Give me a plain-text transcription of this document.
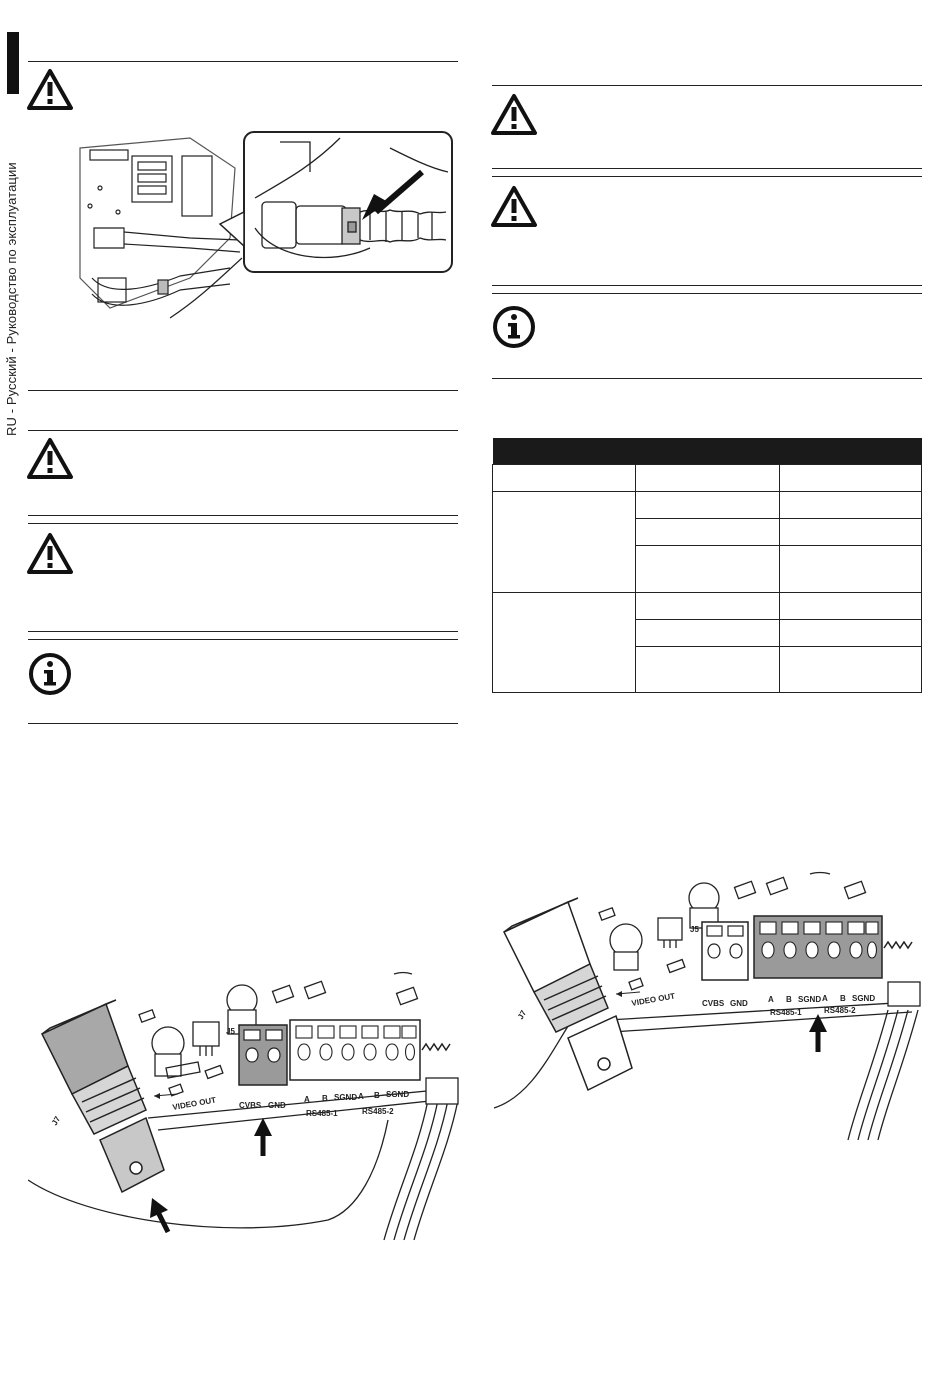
RU - Русский - Руководство по эксплуатации

VIDEO OUT
J7
J5
CVBS GND
A B SGND A B SGND
RS485-1	RS485-2
VIDEO OUT
J7
J5
CVBS GND	A B SGND A B SGND
RS485-1	RS485-2
